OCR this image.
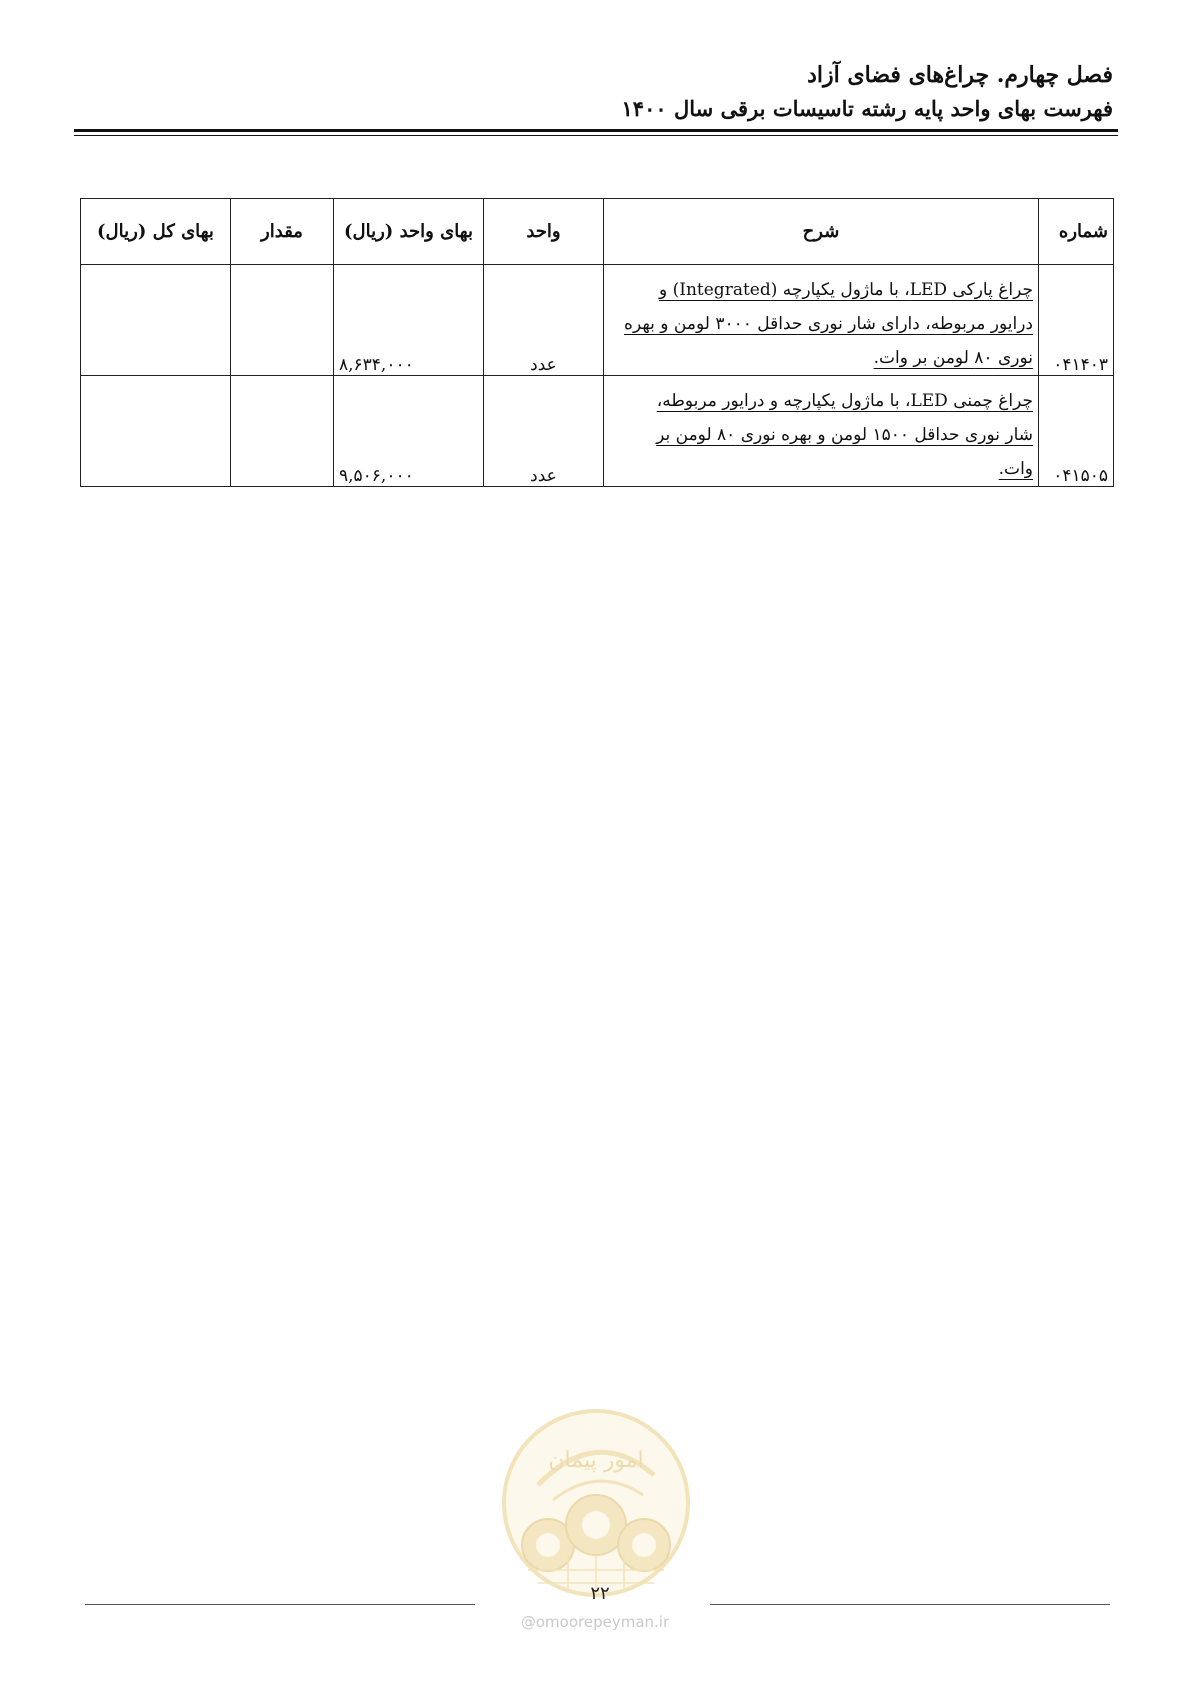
فصل چهارم. چراغ‌های فضای آزاد
فهرست بهای واحد پایه رشته تاسیسات برقی سال ۱۴۰۰
شماره	شرح	واحد	بهای واحد (ریال)	مقدار	بهای کل (ریال)
۰۴۱۴۰۳	چراغ پارکی LED، با ماژول یکپارچه (Integrated) و
درایور مربوطه، دارای شار نوری حداقل ۳۰۰۰ لومن و بهره
نوری ۸۰ لومن بر وات.	عدد	۸,۶۳۴,۰۰۰		
۰۴۱۵۰۵	چراغ چمنی LED، با ماژول یکپارچه و درایور مربوطه،
شار نوری حداقل ۱۵۰۰ لومن و بهره نوری ۸۰ لومن بر
وات.	عدد	۹,۵۰۶,۰۰۰		
امور پیمان
۲۲
@omoorepeyman.ir
